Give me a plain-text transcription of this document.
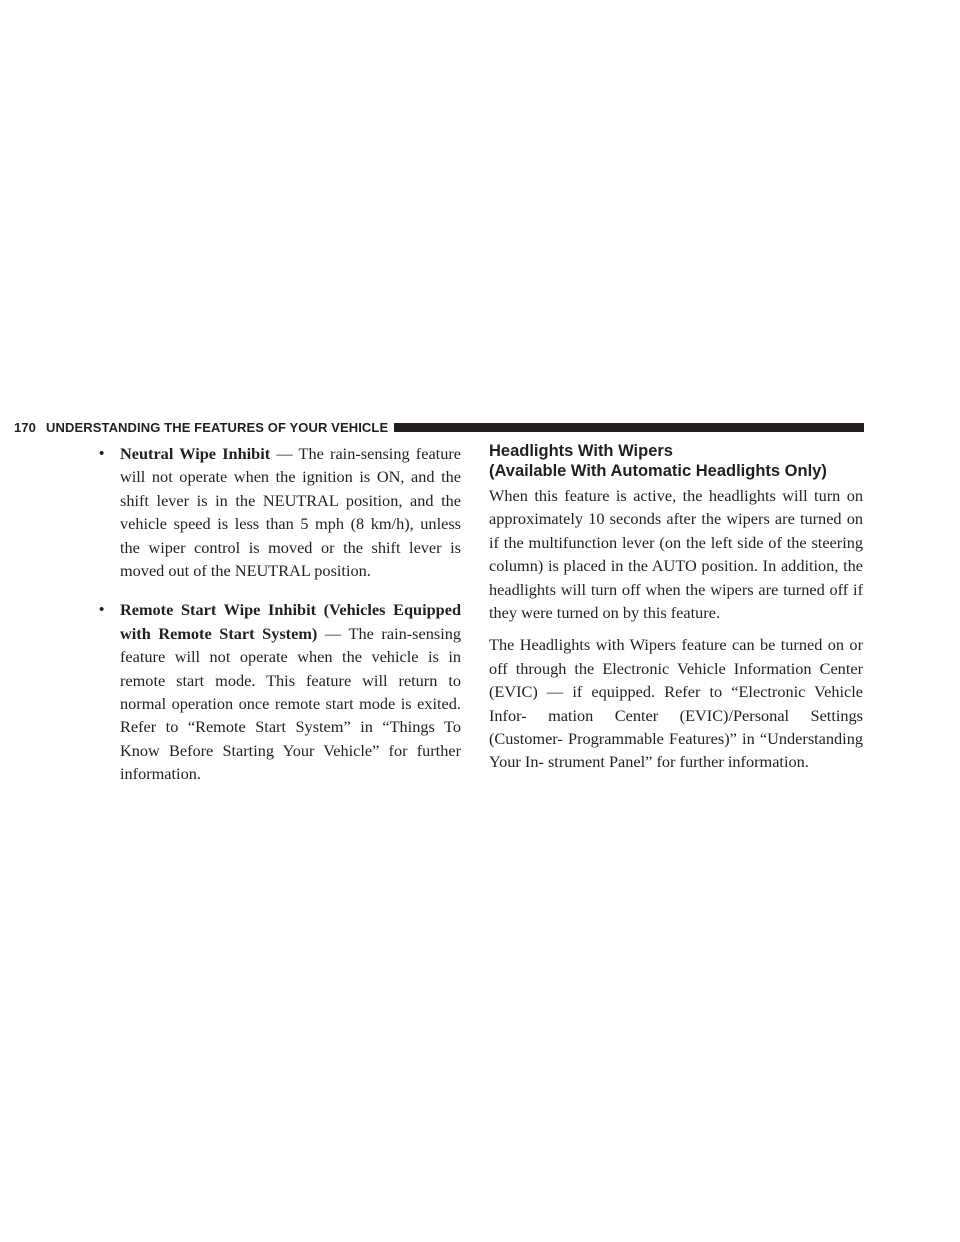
170 UNDERSTANDING THE FEATURES OF YOUR VEHICLE
• Neutral Wipe Inhibit — The rain-sensing feature will not operate when the ignition is ON, and the shift lever is in the NEUTRAL position, and the vehicle speed is less than 5 mph (8 km/h), unless the wiper control is moved or the shift lever is moved out of the NEUTRAL position.
• Remote Start Wipe Inhibit (Vehicles Equipped with Remote Start System) — The rain-sensing feature will not operate when the vehicle is in remote start mode. This feature will return to normal operation once remote start mode is exited. Refer to “Remote Start System” in “Things To Know Before Starting Your Vehicle” for further information.
Headlights With Wipers
(Available With Automatic Headlights Only)

When this feature is active, the headlights will turn on approximately 10 seconds after the wipers are turned on if the multifunction lever (on the left side of the steering column) is placed in the AUTO position. In addition, the headlights will turn off when the wipers are turned off if they were turned on by this feature.

The Headlights with Wipers feature can be turned on or off through the Electronic Vehicle Information Center (EVIC) — if equipped. Refer to “Electronic Vehicle Infor- mation Center (EVIC)/Personal Settings (Customer- Programmable Features)” in “Understanding Your In- strument Panel” for further information.
